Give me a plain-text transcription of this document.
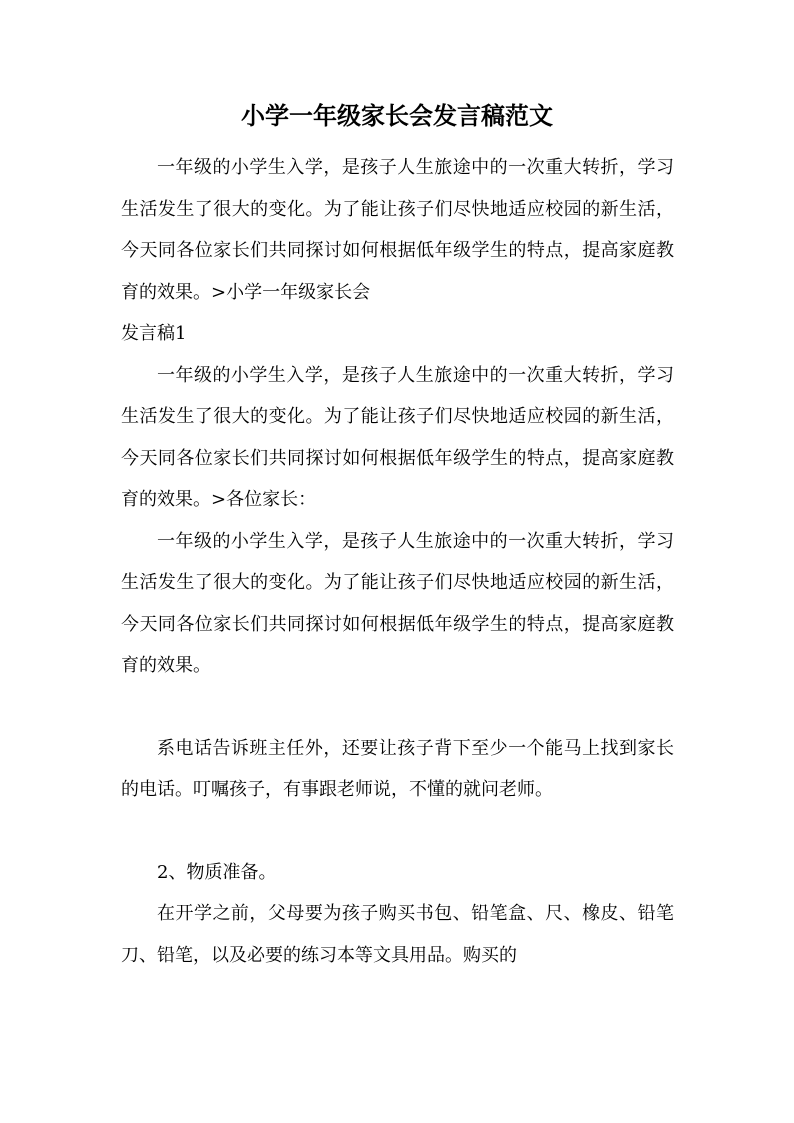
小学一年级家长会发言稿范文

一年级的小学生入学，是孩子人生旅途中的一次重大转折，学习生活发生了很大的变化。为了能让孩子们尽快地适应校园的新生活，今天同各位家长们共同探讨如何根据低年级学生的特点，提高家庭教育的效果。>小学一年级家长会

发言稿1

一年级的小学生入学，是孩子人生旅途中的一次重大转折，学习生活发生了很大的变化。为了能让孩子们尽快地适应校园的新生活，今天同各位家长们共同探讨如何根据低年级学生的特点，提高家庭教育的效果。>各位家长：

一年级的小学生入学，是孩子人生旅途中的一次重大转折，学习生活发生了很大的变化。为了能让孩子们尽快地适应校园的新生活，今天同各位家长们共同探讨如何根据低年级学生的特点，提高家庭教育的效果。

系电话告诉班主任外，还要让孩子背下至少一个能马上找到家长的电话。叮嘱孩子，有事跟老师说，不懂的就问老师。

2、物质准备。

在开学之前，父母要为孩子购买书包、铅笔盒、尺、橡皮、铅笔刀、铅笔，以及必要的练习本等文具用品。购买的
